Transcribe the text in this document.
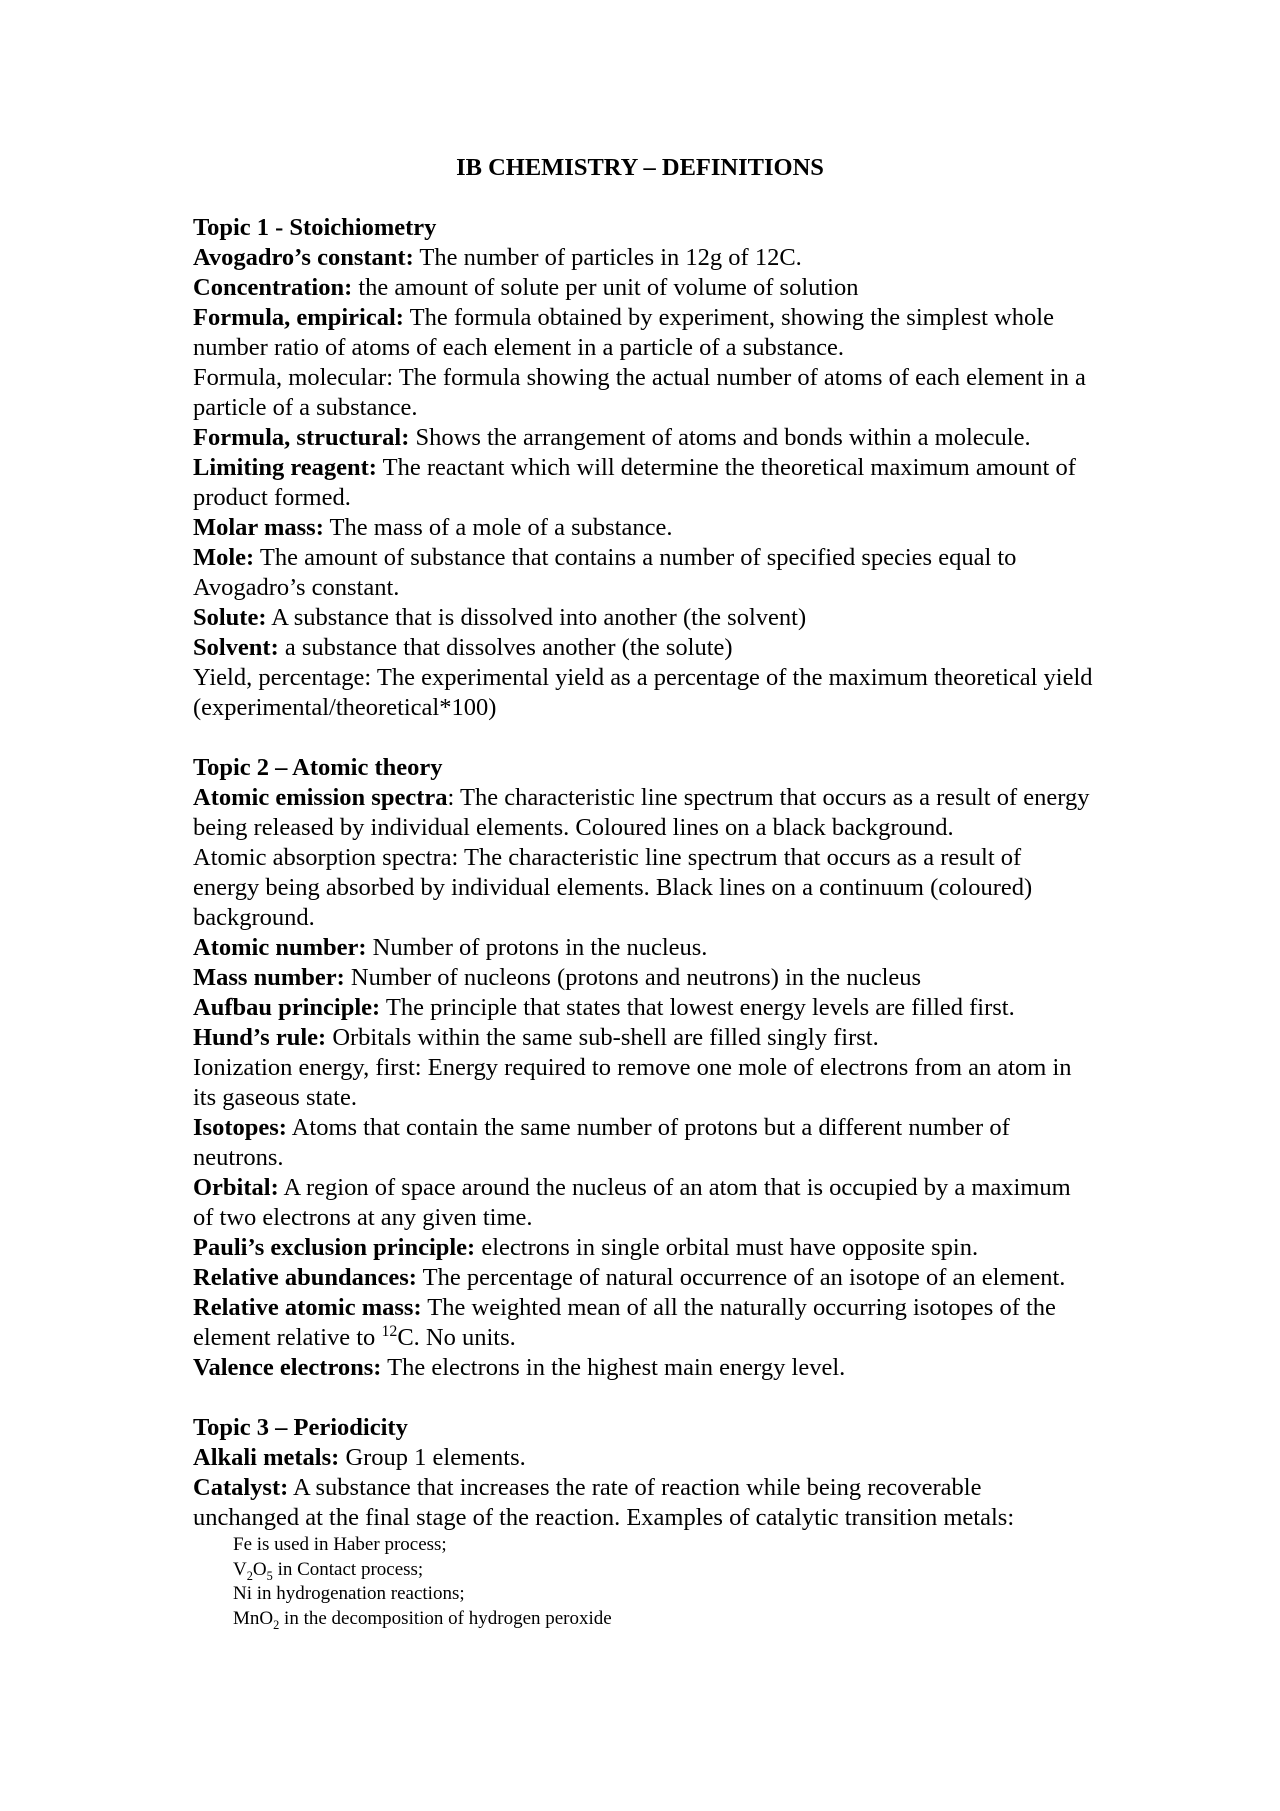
IB CHEMISTRY – DEFINITIONS
Topic 1 - Stoichiometry
Avogadro’s constant: The number of particles in 12g of 12C.
Concentration: the amount of solute per unit of volume of solution
Formula, empirical: The formula obtained by experiment, showing the simplest whole number ratio of atoms of each element in a particle of a substance.
Formula, molecular: The formula showing the actual number of atoms of each element in a particle of a substance.
Formula, structural: Shows the arrangement of atoms and bonds within a molecule.
Limiting reagent: The reactant which will determine the theoretical maximum amount of product formed.
Molar mass: The mass of a mole of a substance.
Mole: The amount of substance that contains a number of specified species equal to Avogadro’s constant.
Solute: A substance that is dissolved into another (the solvent)
Solvent: a substance that dissolves another (the solute)
Yield, percentage: The experimental yield as a percentage of the maximum theoretical yield (experimental/theoretical*100)
Topic 2 – Atomic theory
Atomic emission spectra: The characteristic line spectrum that occurs as a result of energy being released by individual elements. Coloured lines on a black background.
Atomic absorption spectra: The characteristic line spectrum that occurs as a result of energy being absorbed by individual elements. Black lines on a continuum (coloured) background.
Atomic number: Number of protons in the nucleus.
Mass number: Number of nucleons (protons and neutrons) in the nucleus
Aufbau principle: The principle that states that lowest energy levels are filled first.
Hund’s rule: Orbitals within the same sub-shell are filled singly first.
Ionization energy, first: Energy required to remove one mole of electrons from an atom in its gaseous state.
Isotopes: Atoms that contain the same number of protons but a different number of neutrons.
Orbital: A region of space around the nucleus of an atom that is occupied by a maximum of two electrons at any given time.
Pauli’s exclusion principle: electrons in single orbital must have opposite spin.
Relative abundances: The percentage of natural occurrence of an isotope of an element.
Relative atomic mass: The weighted mean of all the naturally occurring isotopes of the element relative to $^{12}$C. No units.
Valence electrons: The electrons in the highest main energy level.
Topic 3 – Periodicity
Alkali metals: Group 1 elements.
Catalyst: A substance that increases the rate of reaction while being recoverable unchanged at the final stage of the reaction. Examples of catalytic transition metals:
Fe is used in Haber process;
$V_2O_5$ in Contact process;
Ni in hydrogenation reactions;
MnO$_2$ in the decomposition of hydrogen peroxide
